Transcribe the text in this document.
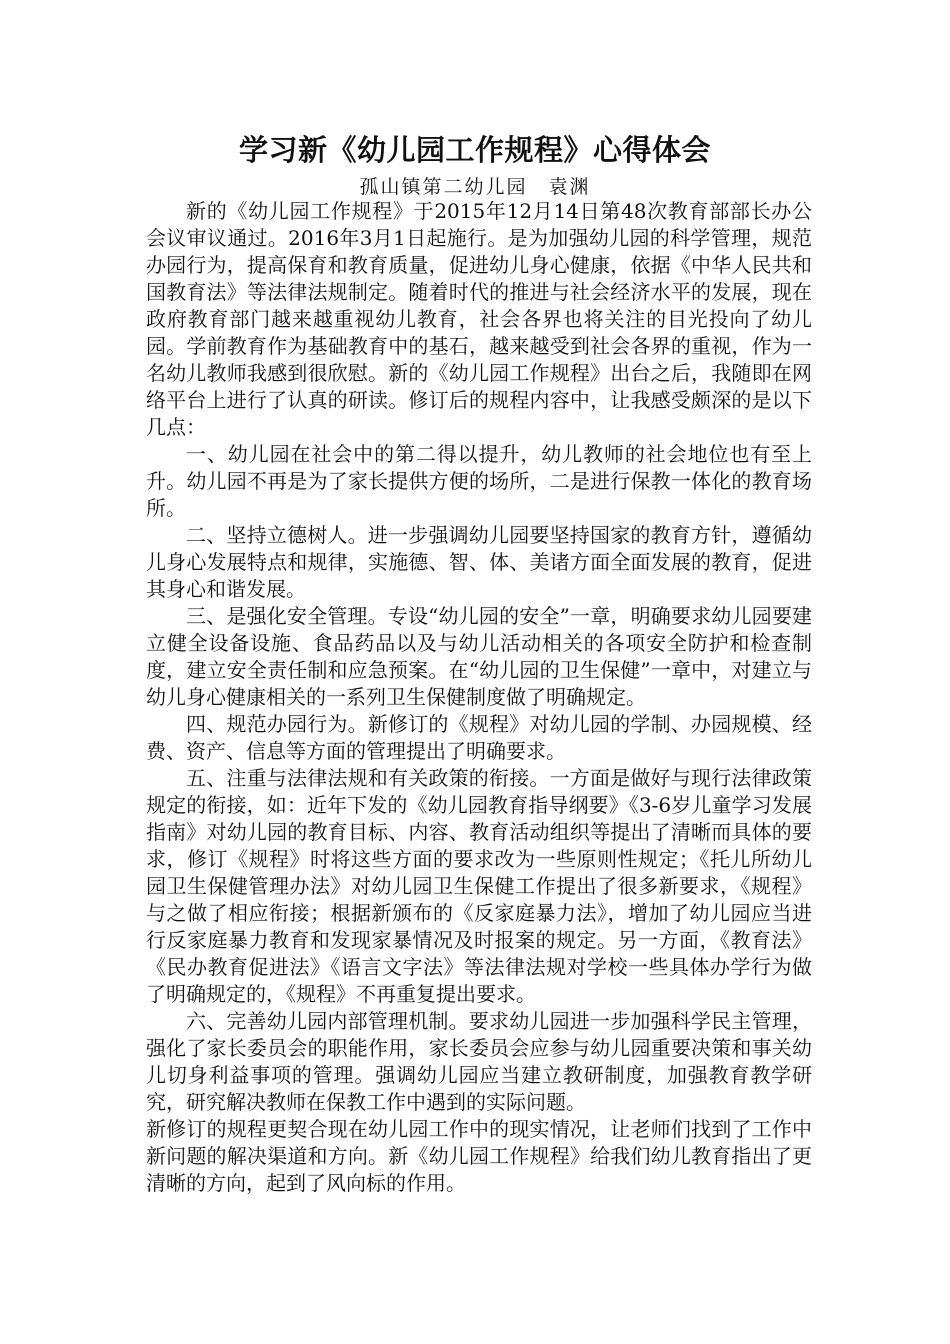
学习新《幼儿园工作规程》心得体会
孤山镇第二幼儿园　袁渊

新的《幼儿园工作规程》于2015年12月14日第48次教育部部长办公会议审议通过。2016年3月1日起施行。是为加强幼儿园的科学管理，规范办园行为，提高保育和教育质量，促进幼儿身心健康，依据《中华人民共和国教育法》等法律法规制定。随着时代的推进与社会经济水平的发展，现在政府教育部门越来越重视幼儿教育，社会各界也将关注的目光投向了幼儿园。学前教育作为基础教育中的基石，越来越受到社会各界的重视，作为一名幼儿教师我感到很欣慰。新的《幼儿园工作规程》出台之后，我随即在网络平台上进行了认真的研读。修订后的规程内容中，让我感受颇深的是以下几点：

一、幼儿园在社会中的第二得以提升，幼儿教师的社会地位也有至上升。幼儿园不再是为了家长提供方便的场所，二是进行保教一体化的教育场所。

二、坚持立德树人。进一步强调幼儿园要坚持国家的教育方针，遵循幼儿身心发展特点和规律，实施德、智、体、美诸方面全面发展的教育，促进其身心和谐发展。

三、是强化安全管理。专设“幼儿园的安全”一章，明确要求幼儿园要建立健全设备设施、食品药品以及与幼儿活动相关的各项安全防护和检查制度，建立安全责任制和应急预案。在“幼儿园的卫生保健”一章中，对建立与幼儿身心健康相关的一系列卫生保健制度做了明确规定。

四、规范办园行为。新修订的《规程》对幼儿园的学制、办园规模、经费、资产、信息等方面的管理提出了明确要求。

五、注重与法律法规和有关政策的衔接。一方面是做好与现行法律政策规定的衔接，如：近年下发的《幼儿园教育指导纲要》《3-6岁儿童学习发展指南》对幼儿园的教育目标、内容、教育活动组织等提出了清晰而具体的要求，修订《规程》时将这些方面的要求改为一些原则性规定；《托儿所幼儿园卫生保健管理办法》对幼儿园卫生保健工作提出了很多新要求，《规程》与之做了相应衔接；根据新颁布的《反家庭暴力法》，增加了幼儿园应当进行反家庭暴力教育和发现家暴情况及时报案的规定。另一方面，《教育法》《民办教育促进法》《语言文字法》等法律法规对学校一些具体办学行为做了明确规定的，《规程》不再重复提出要求。

六、完善幼儿园内部管理机制。要求幼儿园进一步加强科学民主管理，强化了家长委员会的职能作用，家长委员会应参与幼儿园重要决策和事关幼儿切身利益事项的管理。强调幼儿园应当建立教研制度，加强教育教学研究，研究解决教师在保教工作中遇到的实际问题。

新修订的规程更契合现在幼儿园工作中的现实情况，让老师们找到了工作中新问题的解决渠道和方向。新《幼儿园工作规程》给我们幼儿教育指出了更清晰的方向，起到了风向标的作用。
